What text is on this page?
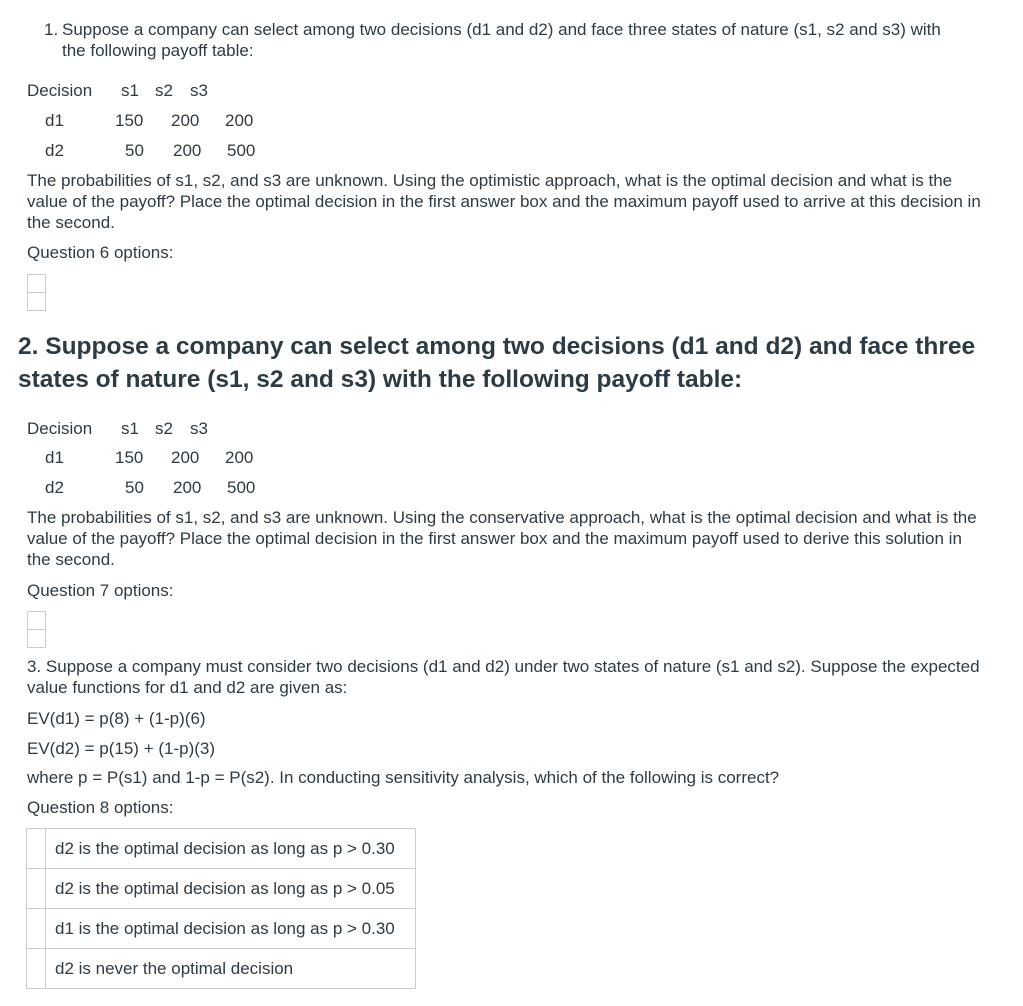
1. Suppose a company can select among two decisions (d1 and d2) and face three states of nature (s1, s2 and s3) with the following payoff table:
Decision s1 s2 s3
d1	150 200 200
d2	50 200 500

The probabilities of s1, s2, and s3 are unknown. Using the optimistic approach, what is the optimal decision and what is the value of the payoff? Place the optimal decision in the first answer box and the maximum payoff used to arrive at this decision in the second.

Question 6 options:

2. Suppose a company can select among two decisions (d1 and d2) and face three states of nature (s1, s2 and s3) with the following payoff table:
Decision s1 s2 s3
d1	150 200 200
d2	50 200 500

The probabilities of s1, s2, and s3 are unknown. Using the conservative approach, what is the optimal decision and what is the value of the payoff? Place the optimal decision in the first answer box and the maximum payoff used to derive this solution in the second.

Question 7 options:

3. Suppose a company must consider two decisions (d1 and d2) under two states of nature (s1 and s2). Suppose the expected value functions for d1 and d2 are given as:

EV(d1) = p(8) + (1-p)(6)

EV(d2) = p(15) + (1-p)(3)

where p = P(s1) and 1-p = P(s2). In conducting sensitivity analysis, which of the following is correct?

Question 8 options:

d2 is the optimal decision as long as p > 0.30
d2 is the optimal decision as long as p > 0.05
d1 is the optimal decision as long as p > 0.30
d2 is never the optimal decision
